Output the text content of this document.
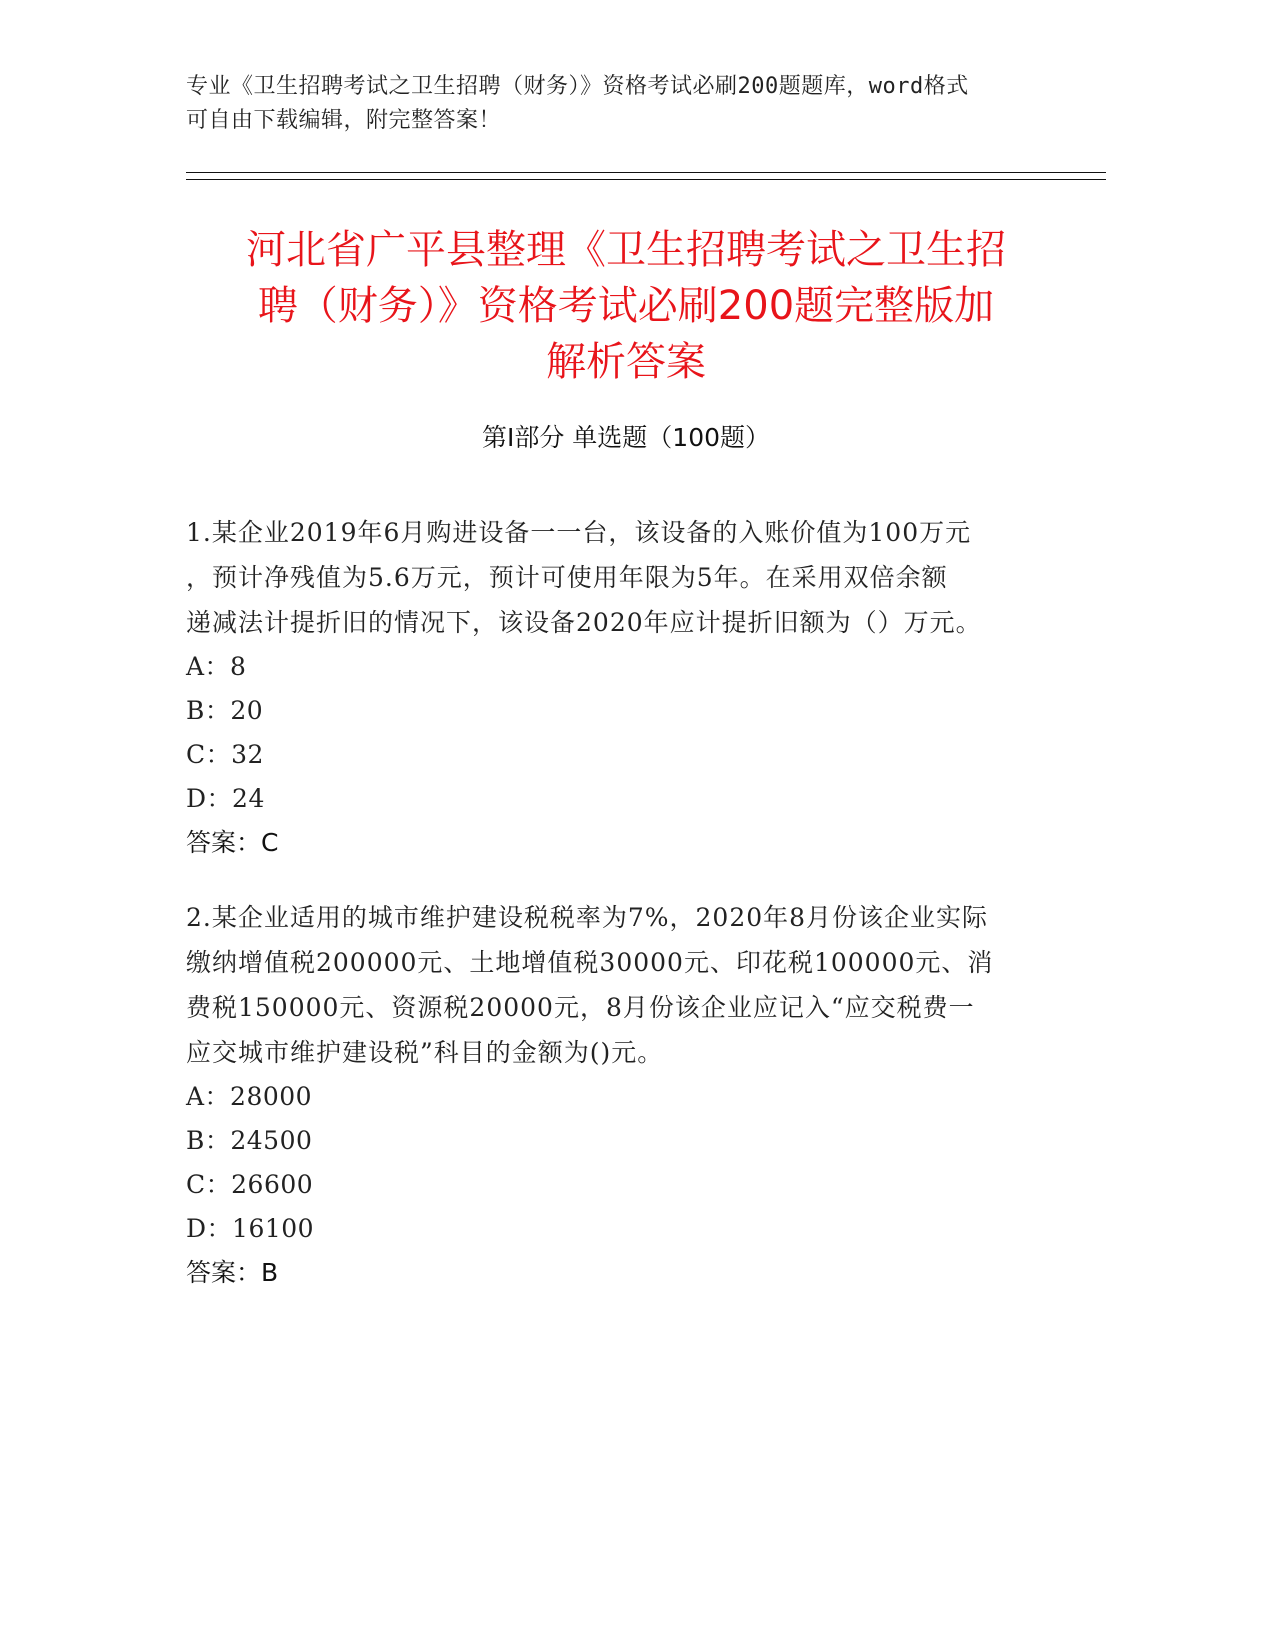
专业《卫生招聘考试之卫生招聘（财务）》资格考试必刷200题题库，word格式
可自由下载编辑，附完整答案！
河北省广平县整理《卫生招聘考试之卫生招
聘（财务）》资格考试必刷200题完整版加
解析答案
第Ⅰ部分 单选题（100题）

1.某企业2019年6月购进设备一一台，该设备的入账价值为100万元

，预计净残值为5.6万元，预计可使用年限为5年。在采用双倍余额

递减法计提折旧的情况下，该设备2020年应计提折旧额为（）万元。

A：8

B：20

C：32

D：24

答案：C

2.某企业适用的城市维护建设税税率为7%，2020年8月份该企业实际

缴纳增值税200000元、土地增值税30000元、印花税100000元、消

费税150000元、资源税20000元，8月份该企业应记入“应交税费一

应交城市维护建设税”科目的金额为()元。

A：28000

B：24500

C：26600

D：16100

答案：B
